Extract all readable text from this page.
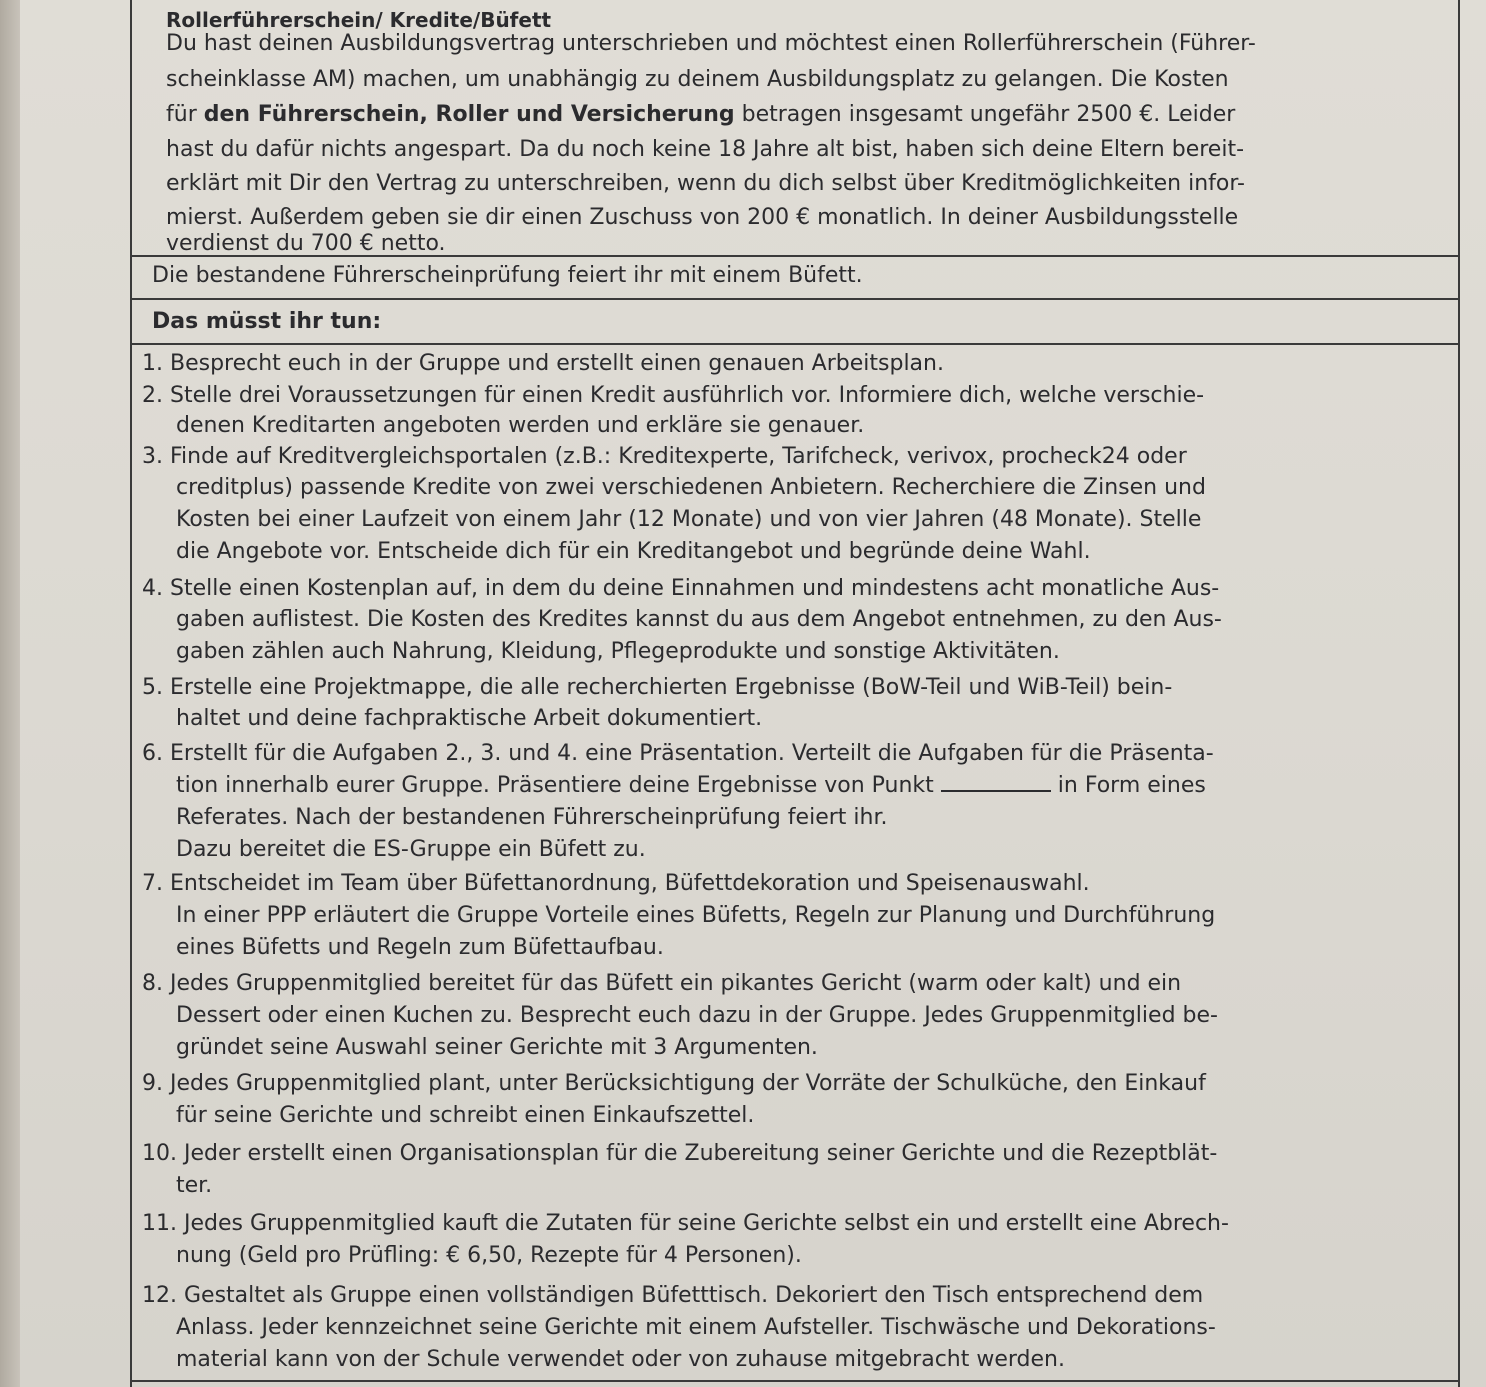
Rollerführerschein/ Kredite/Büfett
Du hast deinen Ausbildungsvertrag unterschrieben und möchtest einen Rollerführerschein (Führer-
scheinklasse AM) machen, um unabhängig zu deinem Ausbildungsplatz zu gelangen. Die Kosten
für den Führerschein, Roller und Versicherung betragen insgesamt ungefähr 2500 €. Leider
hast du dafür nichts angespart. Da du noch keine 18 Jahre alt bist, haben sich deine Eltern bereit-
erklärt mit Dir den Vertrag zu unterschreiben, wenn du dich selbst über Kreditmöglichkeiten infor-
mierst. Außerdem geben sie dir einen Zuschuss von 200 € monatlich. In deiner Ausbildungsstelle
verdienst du 700 € netto.
Die bestandene Führerscheinprüfung feiert ihr mit einem Büfett.
Das müsst ihr tun:
1. Besprecht euch in der Gruppe und erstellt einen genauen Arbeitsplan.
2. Stelle drei Voraussetzungen für einen Kredit ausführlich vor. Informiere dich, welche verschie-
denen Kreditarten angeboten werden und erkläre sie genauer.
3. Finde auf Kreditvergleichsportalen (z.B.: Kreditexperte, Tarifcheck, verivox, procheck24 oder
creditplus) passende Kredite von zwei verschiedenen Anbietern. Recherchiere die Zinsen und
Kosten bei einer Laufzeit von einem Jahr (12 Monate) und von vier Jahren (48 Monate). Stelle
die Angebote vor. Entscheide dich für ein Kreditangebot und begründe deine Wahl.
4. Stelle einen Kostenplan auf, in dem du deine Einnahmen und mindestens acht monatliche Aus-
gaben auflistest. Die Kosten des Kredites kannst du aus dem Angebot entnehmen, zu den Aus-
gaben zählen auch Nahrung, Kleidung, Pflegeprodukte und sonstige Aktivitäten.
5. Erstelle eine Projektmappe, die alle recherchierten Ergebnisse (BoW-Teil und WiB-Teil) bein-
haltet und deine fachpraktische Arbeit dokumentiert.
6. Erstellt für die Aufgaben 2., 3. und 4. eine Präsentation. Verteilt die Aufgaben für die Präsenta-
tion innerhalb eurer Gruppe. Präsentiere deine Ergebnisse von Punkt	in Form eines
Referates. Nach der bestandenen Führerscheinprüfung feiert ihr.
Dazu bereitet die ES-Gruppe ein Büfett zu.
7. Entscheidet im Team über Büfettanordnung, Büfettdekoration und Speisenauswahl.
In einer PPP erläutert die Gruppe Vorteile eines Büfetts, Regeln zur Planung und Durchführung
eines Büfetts und Regeln zum Büfettaufbau.
8. Jedes Gruppenmitglied bereitet für das Büfett ein pikantes Gericht (warm oder kalt) und ein
Dessert oder einen Kuchen zu. Besprecht euch dazu in der Gruppe. Jedes Gruppenmitglied be-
gründet seine Auswahl seiner Gerichte mit 3 Argumenten.
9. Jedes Gruppenmitglied plant, unter Berücksichtigung der Vorräte der Schulküche, den Einkauf
für seine Gerichte und schreibt einen Einkaufszettel.
10. Jeder erstellt einen Organisationsplan für die Zubereitung seiner Gerichte und die Rezeptblät-
ter.
11. Jedes Gruppenmitglied kauft die Zutaten für seine Gerichte selbst ein und erstellt eine Abrech-
nung (Geld pro Prüfling: € 6,50, Rezepte für 4 Personen).
12. Gestaltet als Gruppe einen vollständigen Büfetttisch. Dekoriert den Tisch entsprechend dem
Anlass. Jeder kennzeichnet seine Gerichte mit einem Aufsteller. Tischwäsche und Dekorations-
material kann von der Schule verwendet oder von zuhause mitgebracht werden.
